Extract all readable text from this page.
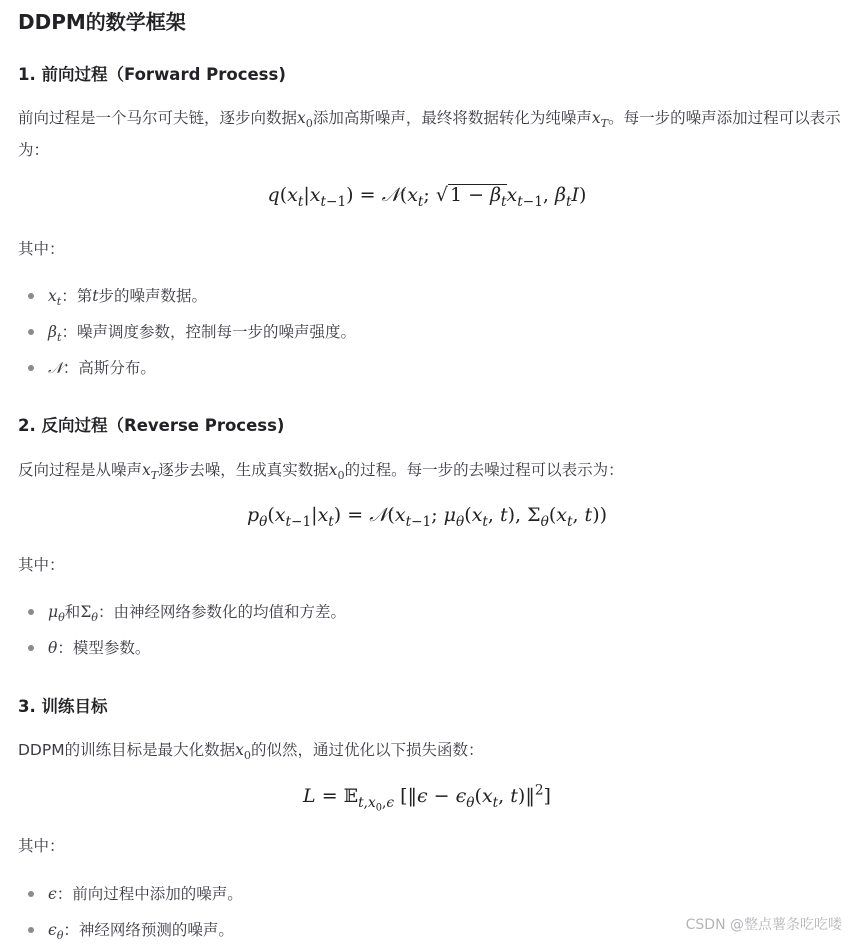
DDPM的数学框架
1. 前向过程（Forward Process)
前向过程是一个马尔可夫链，逐步向数据$x_0$添加高斯噪声，最终将数据转化为纯噪声$x_T$。每一步的噪声添加过程可以表示为：
$q(x_t|x_{t-1})$ = $𝒩(x_t$; √ $1 - \beta_tx_{t-1}$, $\beta_tI$)
其中：
$x_t$：第t步的噪声数据。
$\beta_t$：噪声调度参数，控制每一步的噪声强度。
𝒩：高斯分布。
2. 反向过程（Reverse Process)
反向过程是从噪声$x_T$逐步去噪，生成真实数据$x_0$的过程。每一步的去噪过程可以表示为：
$p_\theta(x_{t-1}|x_t)$ = $𝒩(x_{t-1}$; $\mu_\theta(x_t$, t), $\Sigma_\theta(x_t$, t))
其中：
$\mu_\theta$和$\Sigma_\theta$：由神经网络参数化的均值和方差。
θ：模型参数。
3. 训练目标
DDPM的训练目标是最大化数据$x_0$的似然，通过优化以下损失函数：
L = 𝔼$_{t,x_0,\epsilon}$ [‖ϵ − $\epsilon_\theta(x_t$, t)‖$^2$]
其中：
ϵ：前向过程中添加的噪声。
$\epsilon_\theta$：神经网络预测的噪声。	CSDN @整点薯条吃吃喽
